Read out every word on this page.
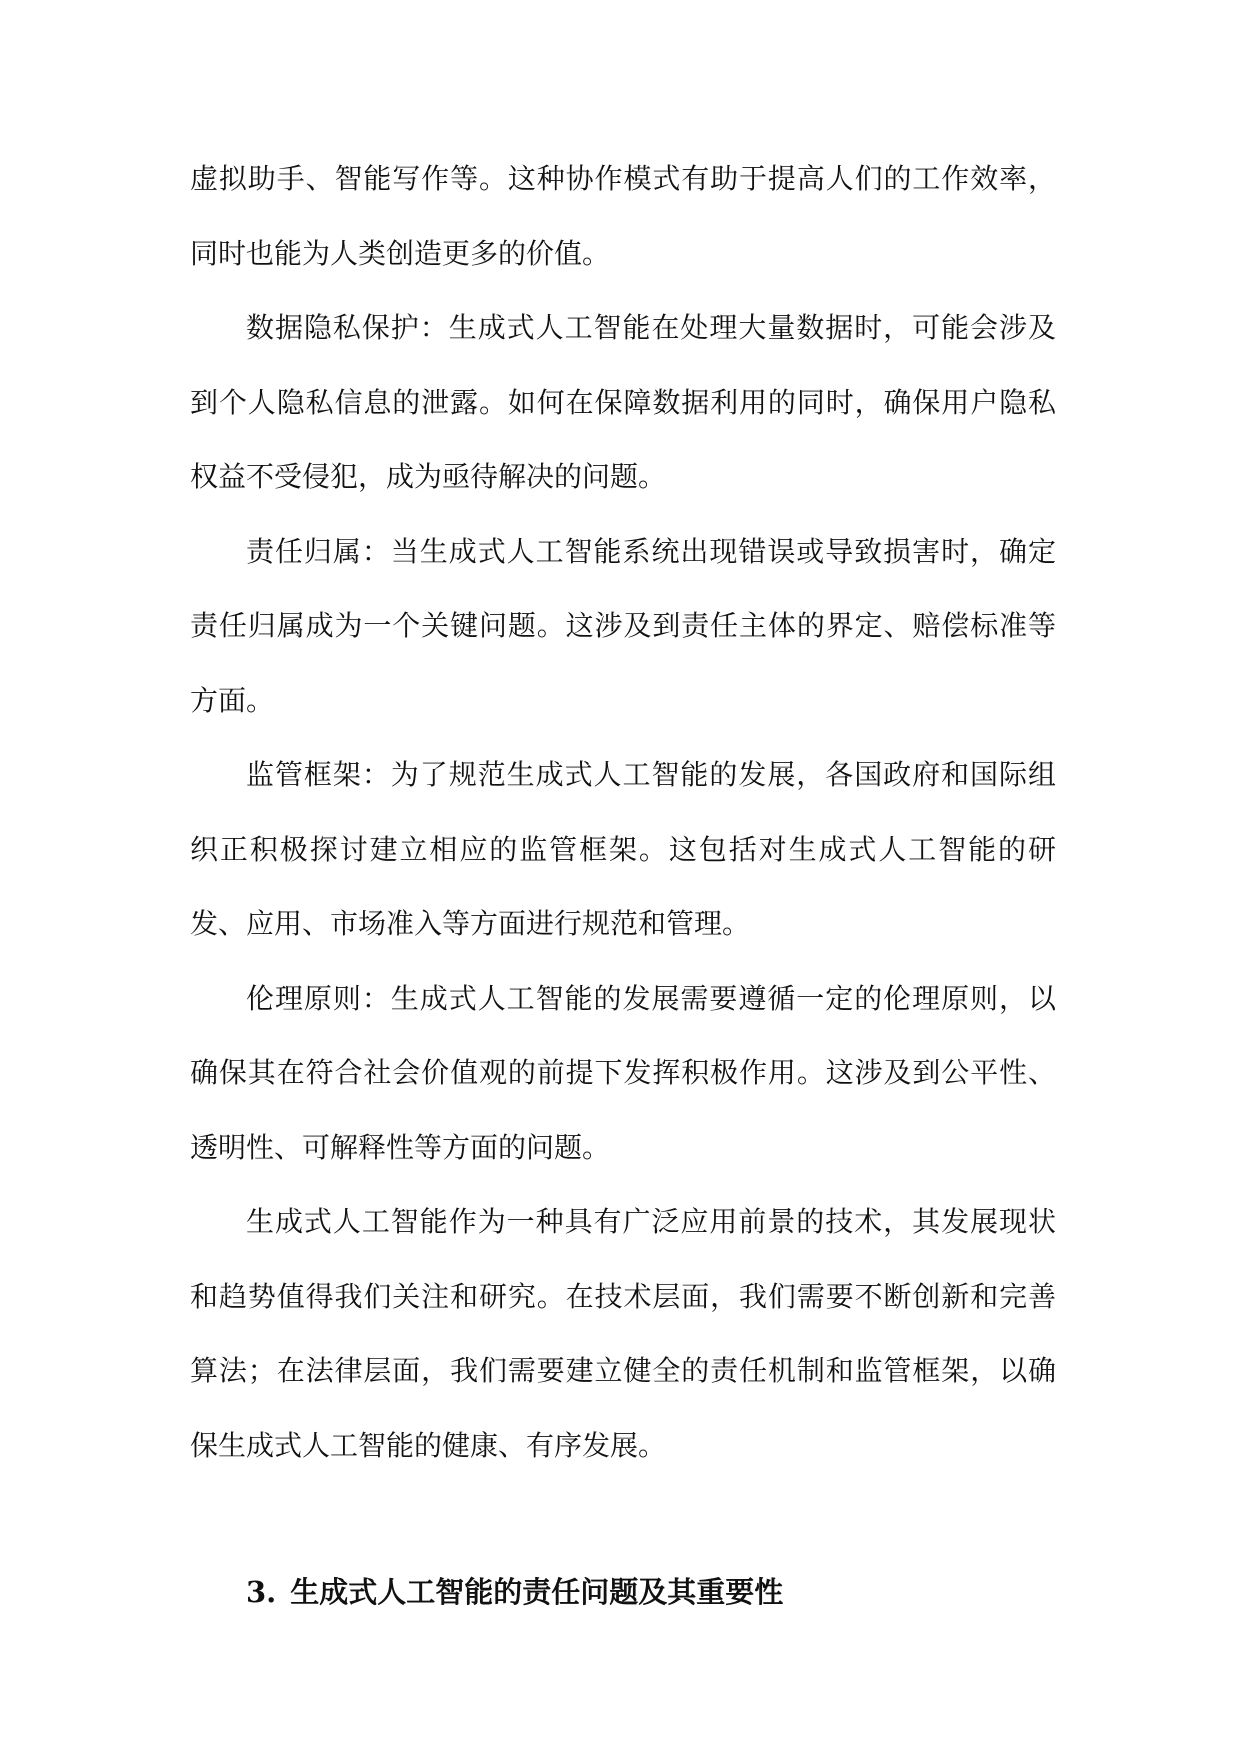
虚拟助手、智能写作等。这种协作模式有助于提高人们的工作效率，同时也能为人类创造更多的价值。

数据隐私保护：生成式人工智能在处理大量数据时，可能会涉及到个人隐私信息的泄露。如何在保障数据利用的同时，确保用户隐私权益不受侵犯，成为亟待解决的问题。

责任归属：当生成式人工智能系统出现错误或导致损害时，确定责任归属成为一个关键问题。这涉及到责任主体的界定、赔偿标准等方面。

监管框架：为了规范生成式人工智能的发展，各国政府和国际组织正积极探讨建立相应的监管框架。这包括对生成式人工智能的研发、应用、市场准入等方面进行规范和管理。

伦理原则：生成式人工智能的发展需要遵循一定的伦理原则，以确保其在符合社会价值观的前提下发挥积极作用。这涉及到公平性、透明性、可解释性等方面的问题。

生成式人工智能作为一种具有广泛应用前景的技术，其发展现状和趋势值得我们关注和研究。在技术层面，我们需要不断创新和完善算法；在法律层面，我们需要建立健全的责任机制和监管框架，以确保生成式人工智能的健康、有序发展。

3. 生成式人工智能的责任问题及其重要性
